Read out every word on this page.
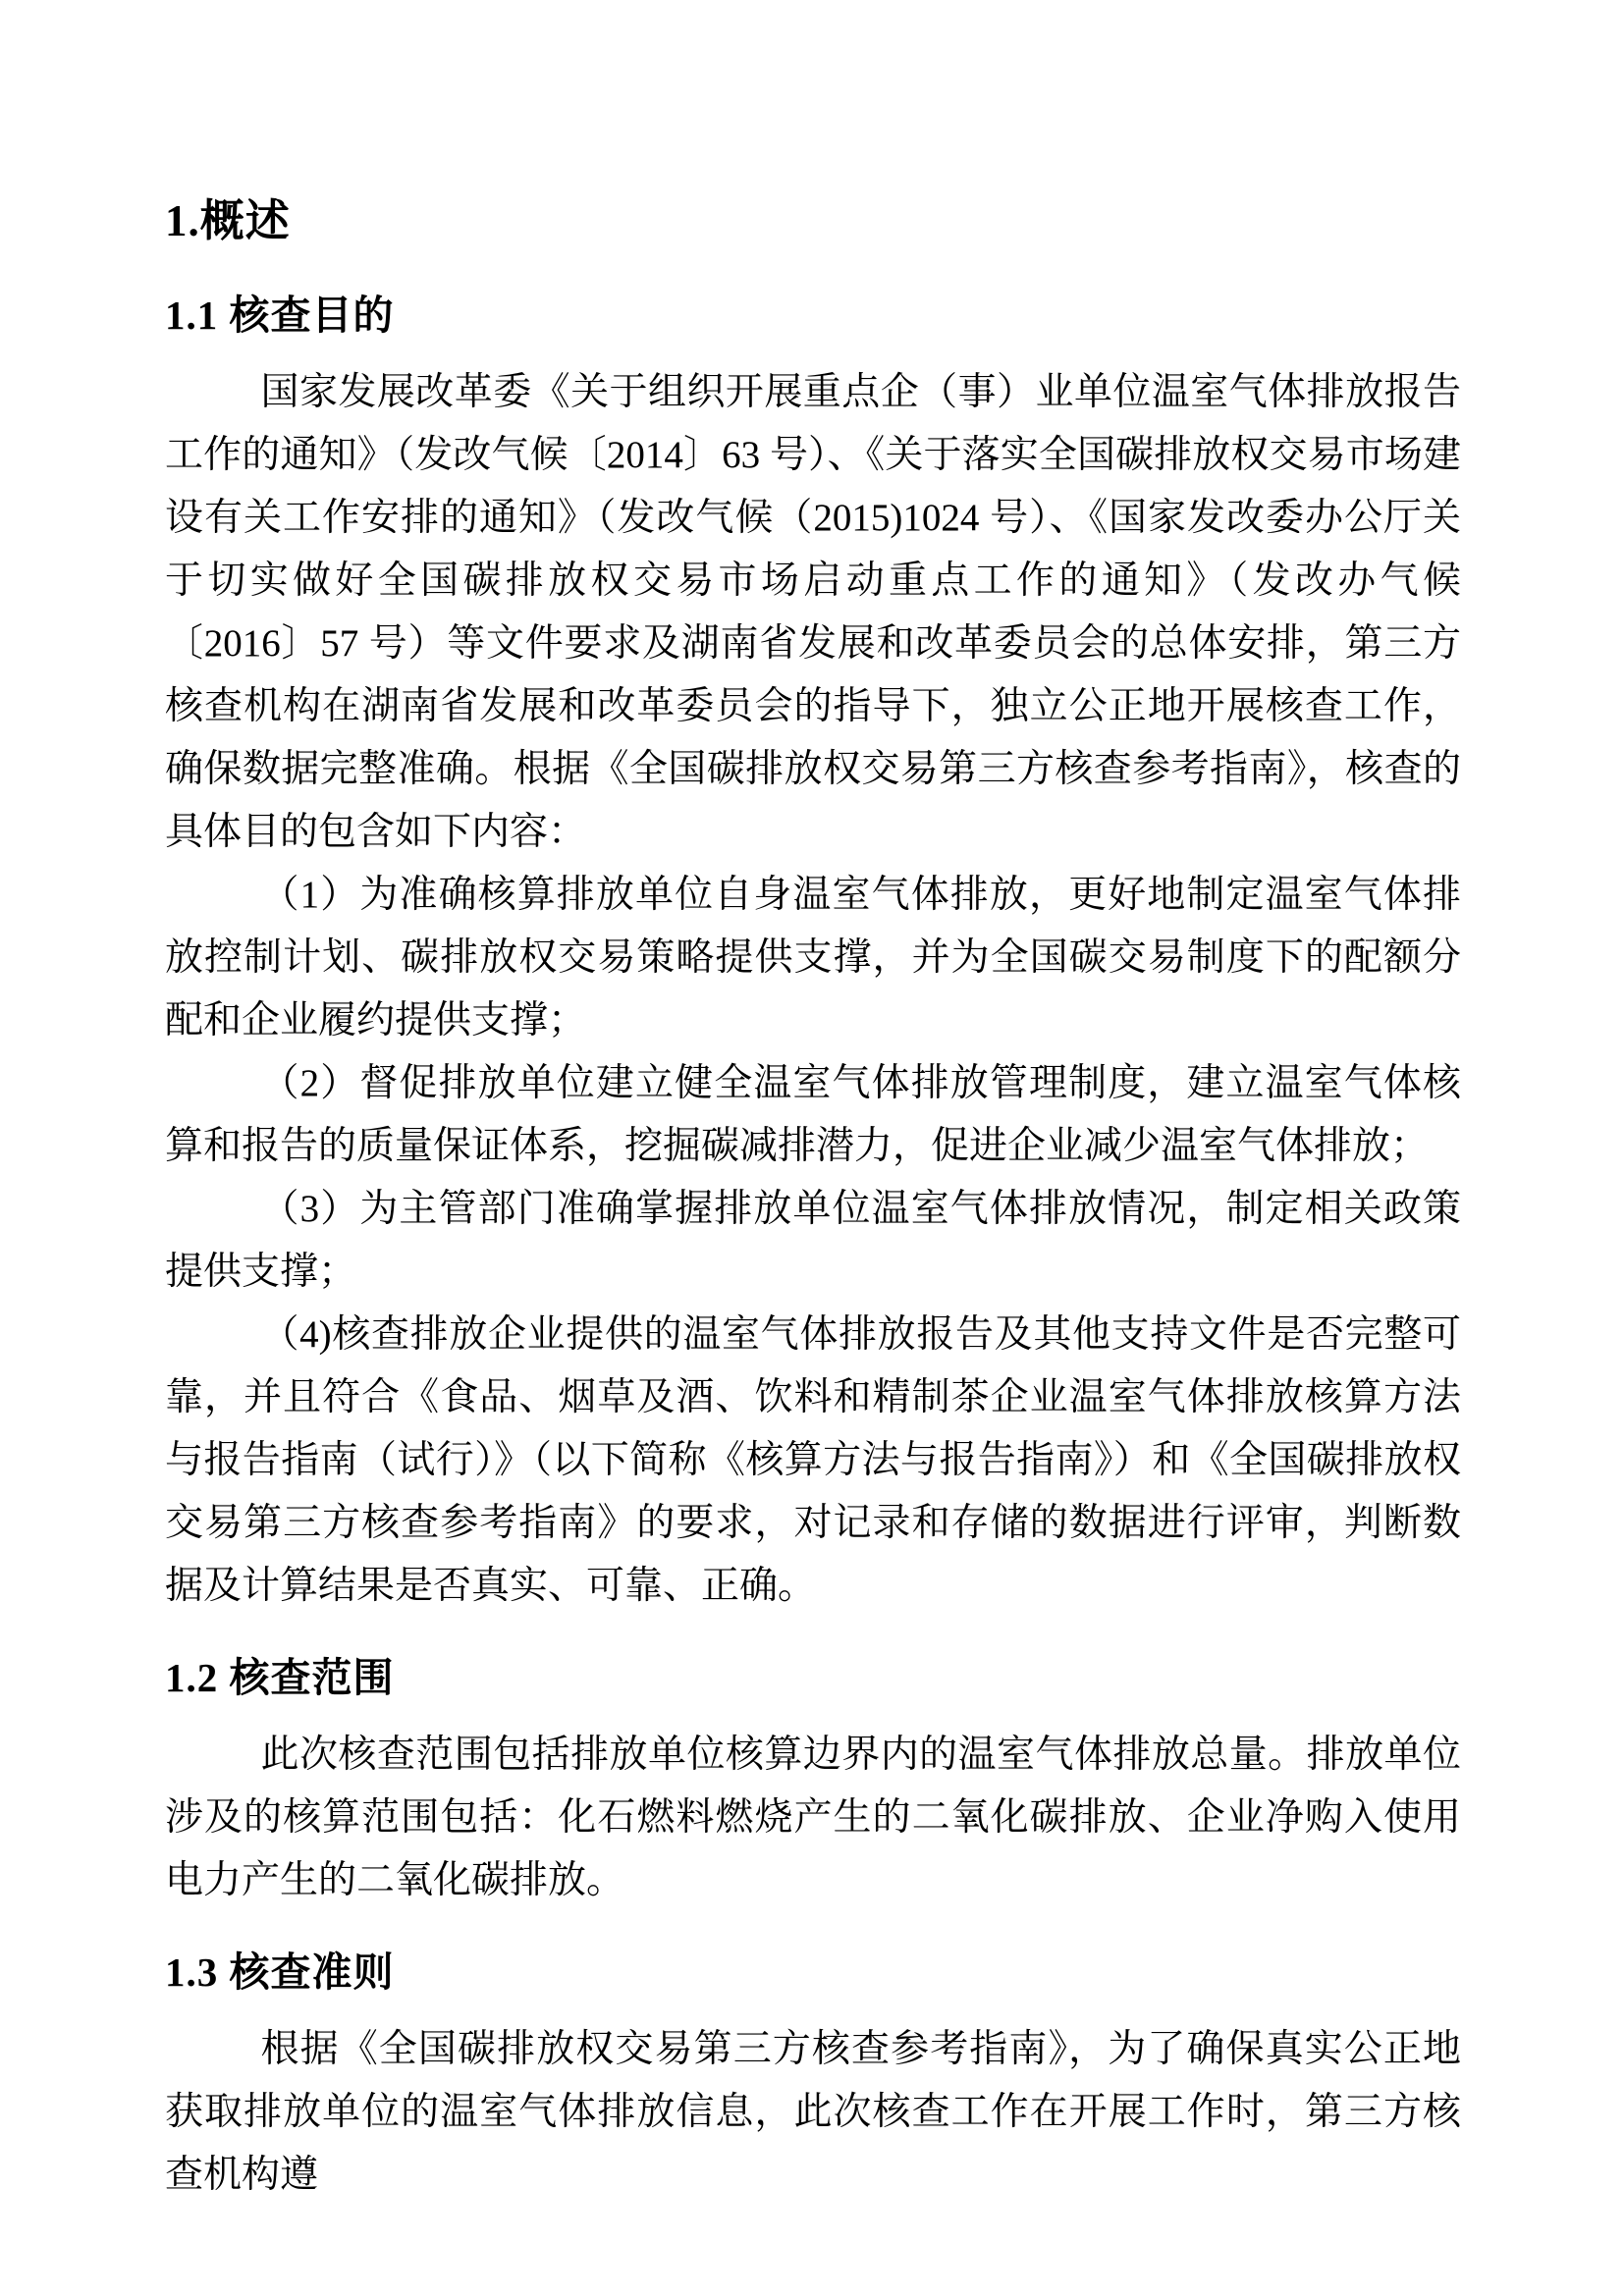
1.概述
1.1 核查目的

国家发展改革委《关于组织开展重点企（事）业单位温室气体排放报告工作的通知》（发改气候〔2014〕63 号）、《关于落实全国碳排放权交易市场建设有关工作安排的通知》（发改气候（2015)1024 号）、《国家发改委办公厅关于切实做好全国碳排放权交易市场启动重点工作的通知》（发改办气候〔2016〕57 号）等文件要求及湖南省发展和改革委员会的总体安排，第三方核查机构在湖南省发展和改革委员会的指导下，独立公正地开展核查工作，确保数据完整准确。根据《全国碳排放权交易第三方核查参考指南》，核查的具体目的包含如下内容：

（1）为准确核算排放单位自身温室气体排放，更好地制定温室气体排放控制计划、碳排放权交易策略提供支撑，并为全国碳交易制度下的配额分配和企业履约提供支撑；

（2）督促排放单位建立健全温室气体排放管理制度，建立温室气体核算和报告的质量保证体系，挖掘碳减排潜力，促进企业减少温室气体排放；

（3）为主管部门准确掌握排放单位温室气体排放情况，制定相关政策提供支撑；

（4)核查排放企业提供的温室气体排放报告及其他支持文件是否完整可靠，并且符合《食品、烟草及酒、饮料和精制茶企业温室气体排放核算方法与报告指南（试行）》（以下简称《核算方法与报告指南》）和《全国碳排放权交易第三方核查参考指南》的要求，对记录和存储的数据进行评审，判断数据及计算结果是否真实、可靠、正确。

1.2 核查范围

此次核查范围包括排放单位核算边界内的温室气体排放总量。排放单位涉及的核算范围包括：化石燃料燃烧产生的二氧化碳排放、企业净购入使用电力产生的二氧化碳排放。

1.3 核查准则

根据《全国碳排放权交易第三方核查参考指南》，为了确保真实公正地获取排放单位的温室气体排放信息，此次核查工作在开展工作时，第三方核查机构遵
